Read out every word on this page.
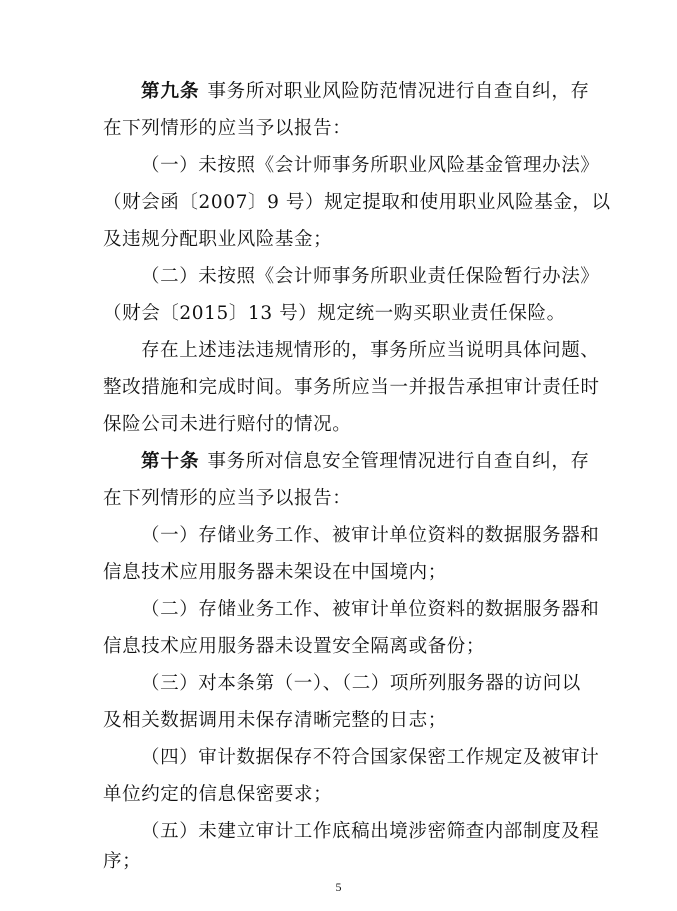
第九条 事务所对职业风险防范情况进行自查自纠，存
在下列情形的应当予以报告：
（一）未按照《会计师事务所职业风险基金管理办法》
（财会函〔2007〕9 号）规定提取和使用职业风险基金，以
及违规分配职业风险基金；
（二）未按照《会计师事务所职业责任保险暂行办法》
（财会〔2015〕13 号）规定统一购买职业责任保险。
存在上述违法违规情形的，事务所应当说明具体问题、
整改措施和完成时间。事务所应当一并报告承担审计责任时
保险公司未进行赔付的情况。
第十条 事务所对信息安全管理情况进行自查自纠，存
在下列情形的应当予以报告：
（一）存储业务工作、被审计单位资料的数据服务器和
信息技术应用服务器未架设在中国境内；
（二）存储业务工作、被审计单位资料的数据服务器和
信息技术应用服务器未设置安全隔离或备份；
（三）对本条第（一）、（二）项所列服务器的访问以
及相关数据调用未保存清晰完整的日志；
（四）审计数据保存不符合国家保密工作规定及被审计
单位约定的信息保密要求；
（五）未建立审计工作底稿出境涉密筛查内部制度及程
序；
5
